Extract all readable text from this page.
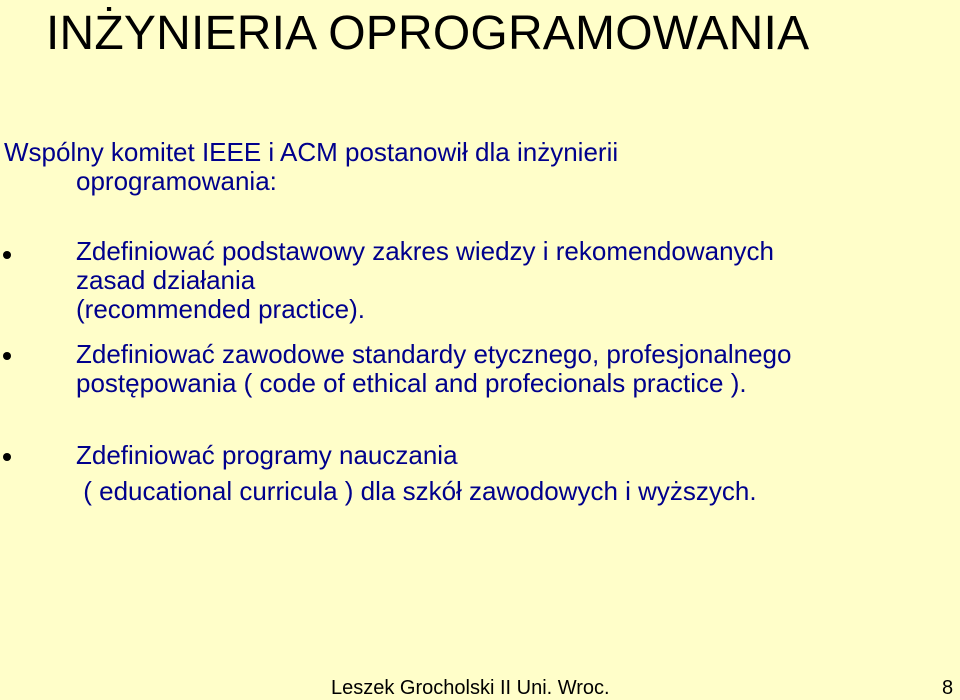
INŻYNIERIA OPROGRAMOWANIA

Wspólny komitet IEEE i ACM postanowił dla inżynierii
oprogramowania:

Zdefiniować podstawowy zakres wiedzy i rekomendowanych
zasad działania
(recommended practice).

Zdefiniować zawodowe standardy etycznego, profesjonalnego
postępowania ( code of ethical and profecionals practice ).

Zdefiniować programy nauczania
( educational curricula ) dla szkół zawodowych i wyższych.

Leszek Grocholski II Uni. Wroc.	8
